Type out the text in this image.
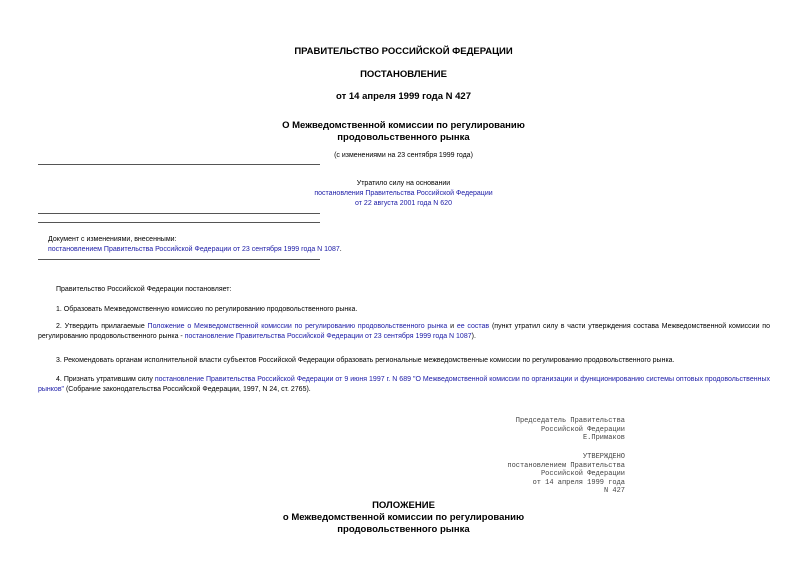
ПРАВИТЕЛЬСТВО РОССИЙСКОЙ ФЕДЕРАЦИИ
ПОСТАНОВЛЕНИЕ
от 14 апреля 1999 года N 427
О Межведомственной комиссии по регулированию
продовольственного рынка
(с изменениями на 23 сентября 1999 года)
Утратило силу на основании
постановления Правительства Российской Федерации
от 22 августа 2001 года N 620
Документ с изменениями, внесенными:
постановлением Правительства Российской Федерации от 23 сентября 1999 года N 1087.
Правительство Российской Федерации постановляет:
1. Образовать Межведомственную комиссию по регулированию продовольственного рынка.
2. Утвердить прилагаемые Положение о Межведомственной комиссии по регулированию продовольственного рынка и ее состав (пункт утратил силу в части утверждения состава Межведомственной комиссии по регулированию продовольственного рынка - постановление Правительства Российской Федерации от 23 сентября 1999 года N 1087).
3. Рекомендовать органам исполнительной власти субъектов Российской Федерации образовать региональные межведомственные комиссии по регулированию продовольственного рынка.
4. Признать утратившим силу постановление Правительства Российской Федерации от 9 июня 1997 г. N 689 "О Межведомственной комиссии по организации и функционированию системы оптовых продовольственных рынков" (Собрание законодательства Российской Федерации, 1997, N 24, ст. 2765).
Председатель Правительства
Российской Федерации
Е.Примаков
УТВЕРЖДЕНО
постановлением Правительства
Российской Федерации
от 14 апреля 1999 года
N 427
ПОЛОЖЕНИЕ
о Межведомственной комиссии по регулированию
продовольственного рынка
